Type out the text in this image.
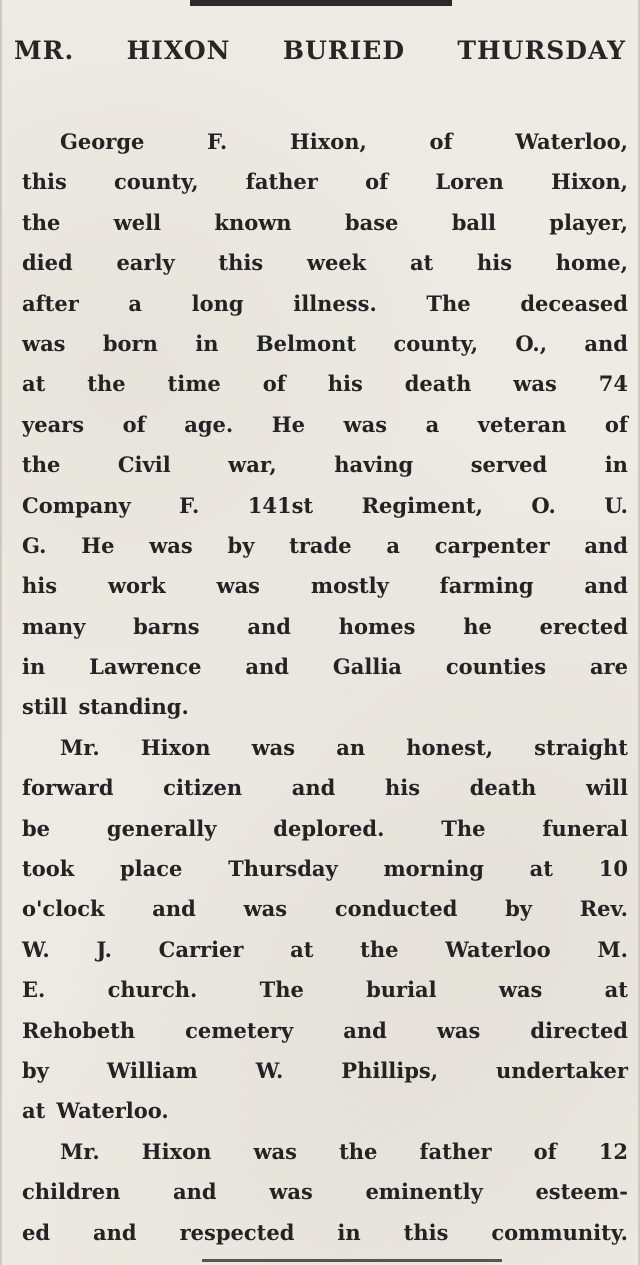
MR. HIXON BURIED THURSDAY
George	F.	Hixon,	of	Waterloo,
this county, father of Loren Hixon,
the	well	known	base	ball	player,
died early this week at his home,
after a long illness. The deceased
was born in Belmont county, O., and
at the time of his death was 74
years of age. He was a veteran of
the	Civil	war,	having	served	in
Company F. 141st Regiment, O. U.
G. He was by trade a carpenter and
his work was mostly farming and
many barns and homes he erected
in Lawrence and Gallia counties are
still standing.
Mr. Hixon was an honest, straight
forward citizen and his death will
be	generally	deplored.	The	funeral
took place Thursday morning at 10
o'clock and was conducted by Rev.
W. J. Carrier at the Waterloo M.
E.	church.	The	burial	was	at
Rehobeth cemetery and was directed
by	William	W.	Phillips,	undertaker
at Waterloo.
Mr. Hixon was the father of 12
children	and	was	eminently	esteem-
ed and respected in this community.
